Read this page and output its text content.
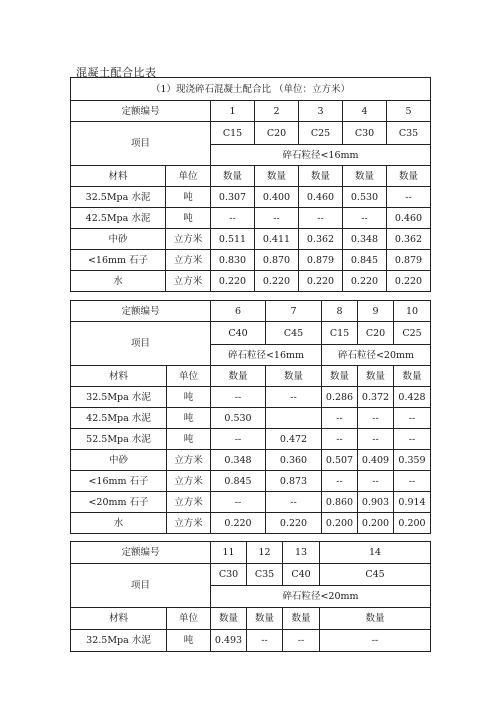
混凝土配合比表
（1）现浇碎石混凝土配合比 （单位：立方米）						
定额编号		1	2	3	4	5
项目		C15	C20	C25	C30	C35
		碎石粒径<16mm				
材料	单位	数量	数量	数量	数量	数量
32.5Mpa 水泥	吨	0.307	0.400	0.460	0.530	--
42.5Mpa 水泥	吨	--	--	--	--	0.460
中砂	立方米	0.511	0.411	0.362	0.348	0.362
<16mm 石子	立方米	0.830	0.870	0.879	0.845	0.879
水	立方米	0.220	0.220	0.220	0.220	0.220
定额编号		6	7	8	9	10
项目		C40	C45	C15	C20	C25
		碎石粒径<16mm		碎石粒径<20mm		
材料	单位	数量	数量	数量	数量	数量
32.5Mpa 水泥	吨	--	--	0.286	0.372	0.428
42.5Mpa 水泥	吨	0.530		--	--	--
52.5Mpa 水泥	吨	--	0.472	--	--	--
中砂	立方米	0.348	0.360	0.507	0.409	0.359
<16mm 石子	立方米	0.845	0.873	--	--	--
<20mm 石子	立方米	--	--	0.860	0.903	0.914
水	立方米	0.220	0.220	0.200	0.200	0.200
定额编号		11	12	13	14
项目		C30	C35	C40	C45
		碎石粒径<20mm			
材料	单位	数量	数量	数量	数量
32.5Mpa 水泥	吨	0.493	--	--	--
